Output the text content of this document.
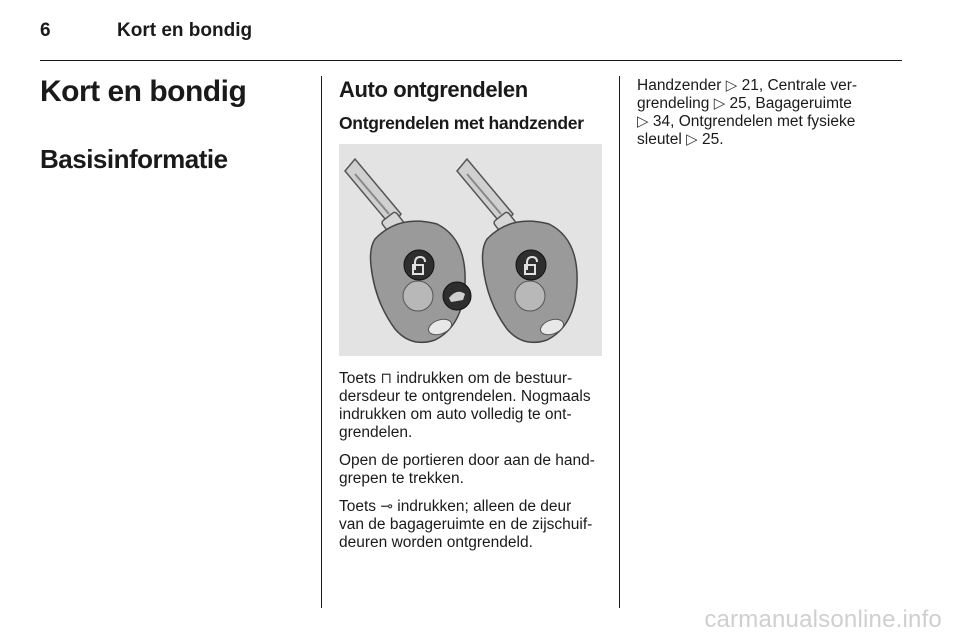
6	Kort en bondig
Kort en bondig
Basisinformatie
Auto ontgrendelen
Ontgrendelen met handzender

Toets ⊓ indrukken om de bestuur-
dersdeur te ontgrendelen. Nogmaals
indrukken om auto volledig te ont-
grendelen.

Open de portieren door aan de hand-
grepen te trekken.

Toets ⊸ indrukken; alleen de deur
van de bagageruimte en de zijschuif-
deuren worden ontgrendeld.

Handzender ▷ 21, Centrale ver-
grendeling ▷ 25, Bagageruimte
▷ 34, Ontgrendelen met fysieke
sleutel ▷ 25.

carmanualsonline.info
